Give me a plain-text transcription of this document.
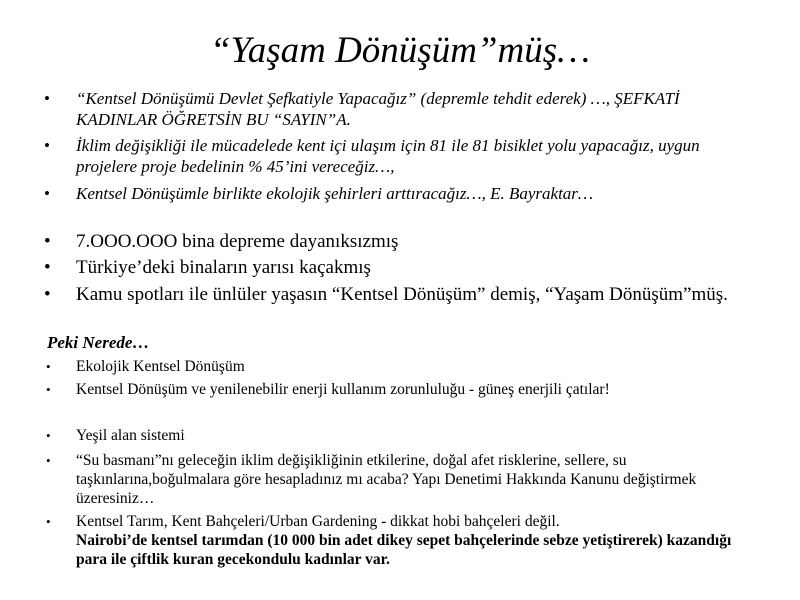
“Yaşam Dönüşüm”müş…
• “Kentsel Dönüşümü Devlet Şefkatiyle Yapacağız” (depremle tehdit ederek) …, ŞEFKATİ KADINLAR ÖĞRETSİN BU “SAYIN”A.

• İklim değişikliği ile mücadelede kent içi ulaşım için 81 ile 81 bisiklet yolu yapacağız, uygun projelere proje bedelinin % 45’ini vereceğiz…,

• Kentsel Dönüşümle birlikte ekolojik şehirleri arttıracağız…, E. Bayraktar…

• 7.OOO.OOO bina depreme dayanıksızmış

• Türkiye’deki binaların yarısı kaçakmış

• Kamu spotları ile ünlüler yaşasın “Kentsel Dönüşüm” demiş, “Yaşam Dönüşüm”müş.

Peki Nerede…

• Ekolojik Kentsel Dönüşüm

• Kentsel Dönüşüm ve yenilenebilir enerji kullanım zorunluluğu - güneş enerjili çatılar!

• Yeşil alan sistemi

• “Su basmanı”nı geleceğin iklim değişikliğinin etkilerine, doğal afet risklerine, sellere, su taşkınlarına,boğulmalara göre hesapladınız mı acaba? Yapı Denetimi Hakkında Kanunu değiştirmek üzeresiniz…

• Kentsel Tarım, Kent Bahçeleri/Urban Gardening - dikkat hobi bahçeleri değil.
Nairobi’de kentsel tarımdan (10 000 bin adet dikey sepet bahçelerinde sebze yetiştirerek) kazandığı para ile çiftlik kuran gecekondulu kadınlar var.
